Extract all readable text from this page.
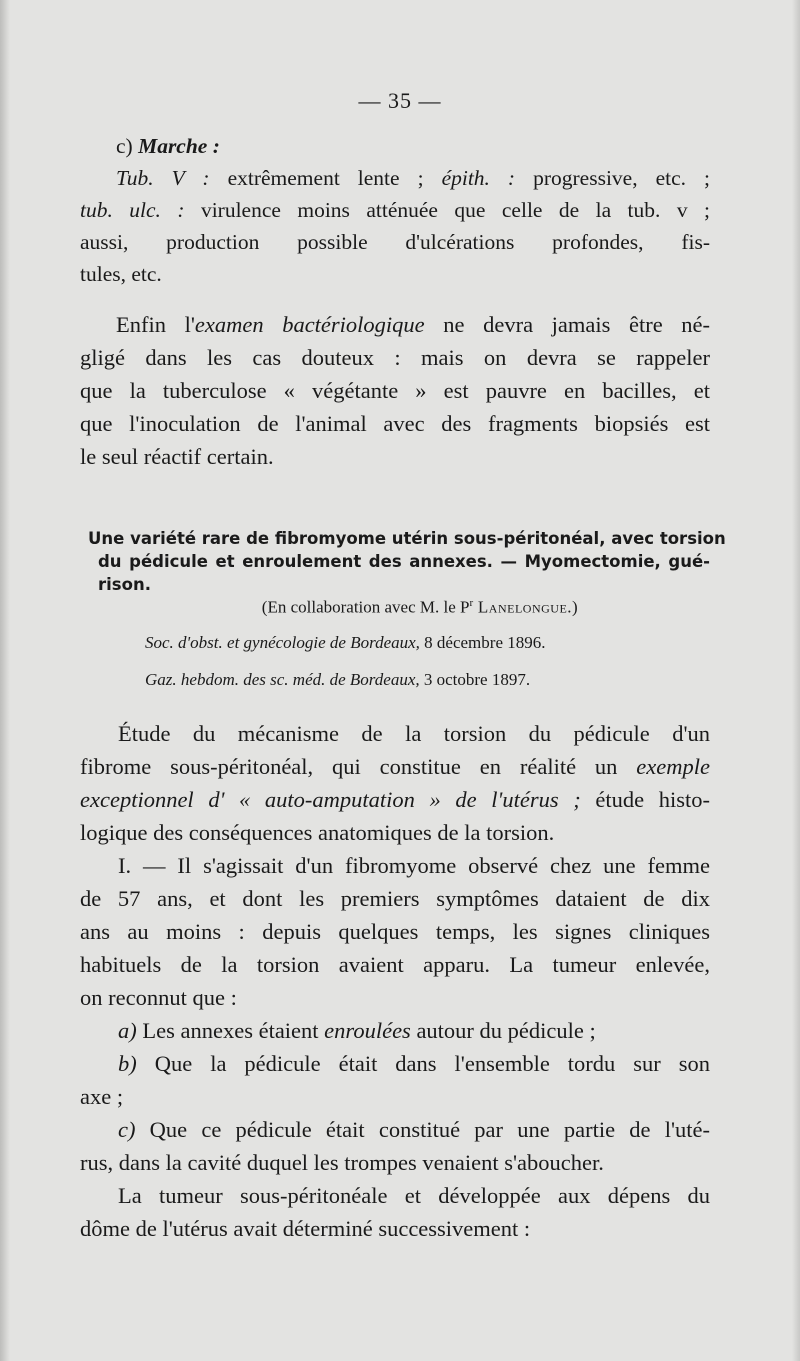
— 35 —
c) Marche :
Tub. V : extrêmement lente ; épith. : progressive, etc. ;
tub. ulc. : virulence moins atténuée que celle de la tub. v ;
aussi, production possible d'ulcérations profondes, fis-
tules, etc.
Enfin l'examen bactériologique ne devra jamais être né-
gligé dans les cas douteux : mais on devra se rappeler
que la tuberculose « végétante » est pauvre en bacilles, et
que l'inoculation de l'animal avec des fragments biopsiés est
le seul réactif certain.
Une variété rare de fibromyome utérin sous-péritonéal, avec torsion
du pédicule et enroulement des annexes. — Myomectomie, gué-
rison.
(En collaboration avec M. le $P^r$ Lanelongue.)
Soc. d'obst. et gynécologie de Bordeaux, 8 décembre 1896.
Gaz. hebdom. des sc. méd. de Bordeaux, 3 octobre 1897.
Étude du mécanisme de la torsion du pédicule d'un
fibrome sous-péritonéal, qui constitue en réalité un exemple
exceptionnel d' « auto-amputation » de l'utérus ; étude histo-
logique des conséquences anatomiques de la torsion.
I. — Il s'agissait d'un fibromyome observé chez une femme
de 57 ans, et dont les premiers symptômes dataient de dix
ans au moins : depuis quelques temps, les signes cliniques
habituels de la torsion avaient apparu. La tumeur enlevée,
on reconnut que :
a) Les annexes étaient enroulées autour du pédicule ;
b) Que la pédicule était dans l'ensemble tordu sur son
axe ;
c) Que ce pédicule était constitué par une partie de l'uté-
rus, dans la cavité duquel les trompes venaient s'aboucher.
La tumeur sous-péritonéale et développée aux dépens du
dôme de l'utérus avait déterminé successivement :
